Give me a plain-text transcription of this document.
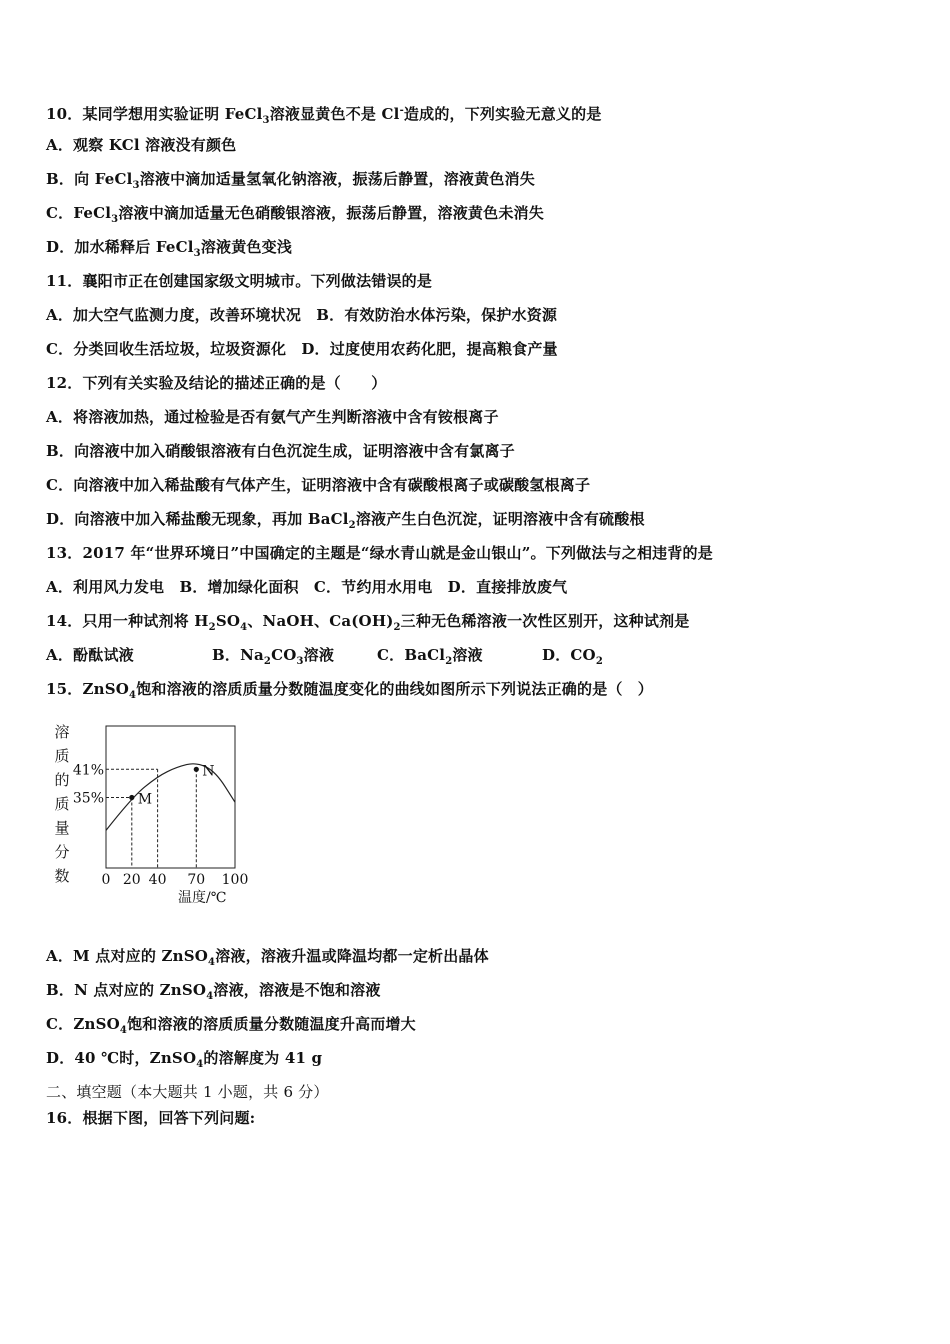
10．某同学想用实验证明 FeCl$_3$溶液显黄色不是 Cl-造成的，下列实验无意义的是
A．观察 KCl 溶液没有颜色
B．向 FeCl$_3$溶液中滴加适量氢氧化钠溶液，振荡后静置，溶液黄色消失
C．FeCl$_3$溶液中滴加适量无色硝酸银溶液，振荡后静置，溶液黄色未消失
D．加水稀释后 FeCl$_3$溶液黄色变浅
11．襄阳市正在创建国家级文明城市。下列做法错误的是
A．加大空气监测力度，改善环境状况　B．有效防治水体污染，保护水资源
C．分类回收生活垃圾，垃圾资源化　D．过度使用农药化肥，提高粮食产量
12．下列有关实验及结论的描述正确的是（　　）
A．将溶液加热，通过检验是否有氨气产生判断溶液中含有铵根离子
B．向溶液中加入硝酸银溶液有白色沉淀生成，证明溶液中含有氯离子
C．向溶液中加入稀盐酸有气体产生，证明溶液中含有碳酸根离子或碳酸氢根离子
D．向溶液中加入稀盐酸无现象，再加 BaCl$_2$溶液产生白色沉淀，证明溶液中含有硫酸根
13．2017 年“世界环境日”中国确定的主题是“绿水青山就是金山银山”。下列做法与之相违背的是
A．利用风力发电　B．增加绿化面积　C．节约用水用电　D．直接排放废气
14．只用一种试剂将 $H_2SO_4$、NaOH、$Ca(OH)_2$三种无色稀溶液一次性区别开，这种试剂是
A．酚酞试液	B．$Na_2CO_3$溶液	C．BaCl$_2$溶液	D．$CO_2$
15．ZnSO$_4$饱和溶液的溶质质量分数随温度变化的曲线如图所示下列说法正确的是（　）
溶
质
的
质
量
分
数
M
N
41%
35%
0 20 40 70 100
温度/℃
A．M 点对应的 ZnSO$_4$溶液，溶液升温或降温均都一定析出晶体
B．N 点对应的 ZnSO$_4$溶液，溶液是不饱和溶液
C．ZnSO$_4$饱和溶液的溶质质量分数随温度升高而增大
D．40 ℃时，ZnSO$_4$的溶解度为 41 g
二、填空题（本大题共 1 小题，共 6 分）
16．根据下图，回答下列问题:
